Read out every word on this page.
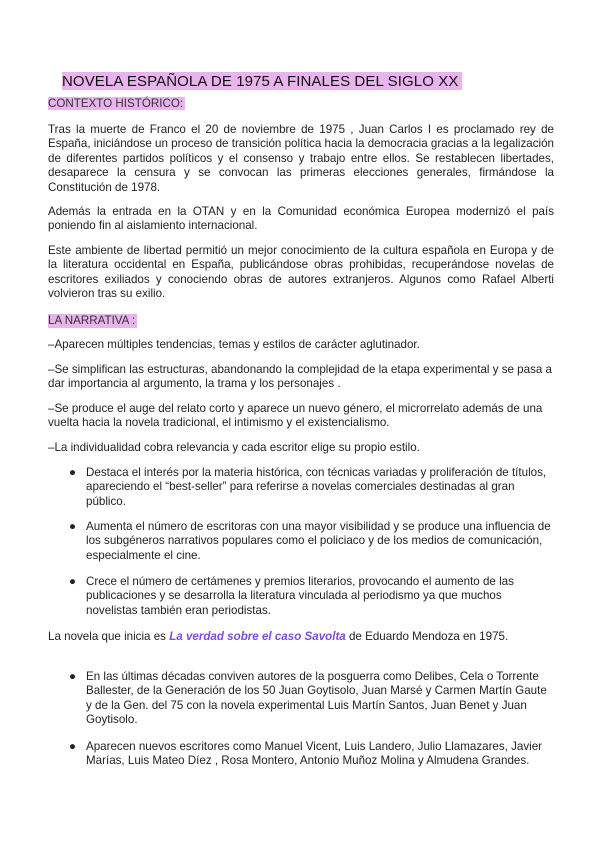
NOVELA ESPAÑOLA DE 1975 A FINALES DEL SIGLO XX
CONTEXTO HISTÓRICO:

Tras la muerte de Franco el 20 de noviembre de 1975 , Juan Carlos I es proclamado rey de España, iniciándose un proceso de transición política hacia la democracia gracias a la legalización de diferentes partidos políticos y el consenso y trabajo entre ellos. Se restablecen libertades, desaparece la censura y se convocan las primeras elecciones generales, firmándose la Constitución de 1978.

Además la entrada en la OTAN y en la Comunidad económica Europea modernizó el país poniendo fin al aislamiento internacional.

Este ambiente de libertad permitió un mejor conocimiento de la cultura española en Europa y de la literatura occidental en España, publicándose obras prohibidas, recuperándose novelas de escritores exiliados y conociendo obras de autores extranjeros. Algunos como Rafael Alberti volvieron tras su exilio.

LA NARRATIVA :

–Aparecen múltiples tendencias, temas y estilos de carácter aglutinador.

–Se simplifican las estructuras, abandonando la complejidad de la etapa experimental y se pasa a dar importancia al argumento, la trama y los personajes .

–Se produce el auge del relato corto y aparece un nuevo género, el microrrelato además de una vuelta hacia la novela tradicional, el intimismo y el existencialismo.

–La individualidad cobra relevancia y cada escritor elige su propio estilo.

● Destaca el interés por la materia histórica, con técnicas variadas y proliferación de títulos, apareciendo el “best-seller” para referirse a novelas comerciales destinadas al gran público.
● Aumenta el número de escritoras con una mayor visibilidad y se produce una influencia de los subgéneros narrativos populares como el policiaco y de los medios de comunicación, especialmente el cine.
● Crece el número de certámenes y premios literarios, provocando el aumento de las publicaciones y se desarrolla la literatura vinculada al periodismo ya que muchos novelistas también eran periodistas.

La novela que inicia es La verdad sobre el caso Savolta de Eduardo Mendoza en 1975.

● En las últimas décadas conviven autores de la posguerra como Delibes, Cela o Torrente Ballester, de la Generación de los 50 Juan Goytisolo, Juan Marsé y Carmen Martín Gaute y de la Gen. del 75 con la novela experimental Luis Martín Santos, Juan Benet y Juan Goytisolo.
● Aparecen nuevos escritores como Manuel Vicent, Luis Landero, Julio Llamazares, Javier Marías, Luis Mateo Díez , Rosa Montero, Antonio Muñoz Molina y Almudena Grandes.
